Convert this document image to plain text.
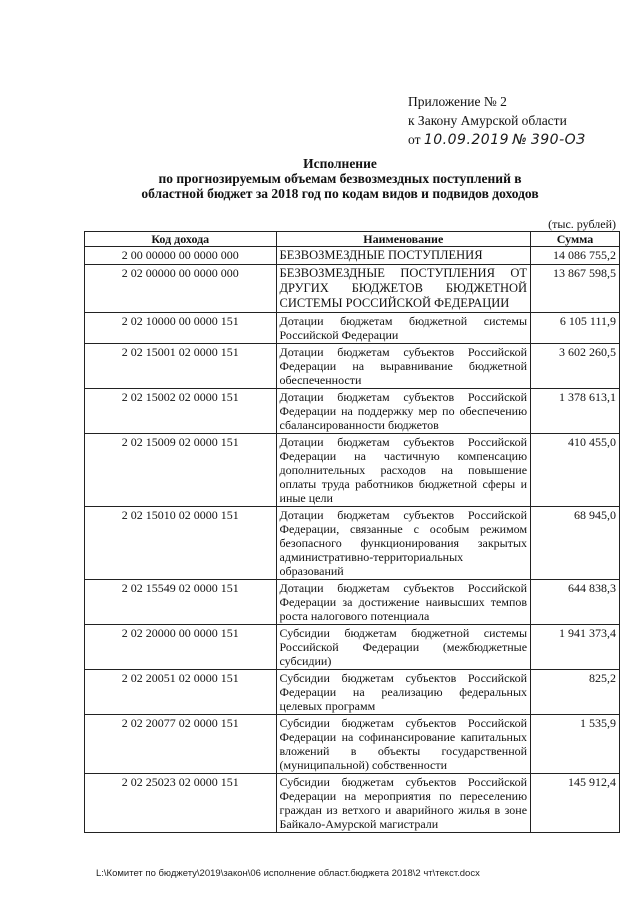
Приложение № 2
к Закону Амурской области
от 10.09.2019 № 390-ОЗ
Исполнение
по прогнозируемым объемам безвозмездных поступлений в
областной бюджет за 2018 год по кодам видов и подвидов доходов
(тыс. рублей)
Код дохода	Наименование	Сумма
2 00 00000 00 0000 000	БЕЗВОЗМЕЗДНЫЕ ПОСТУПЛЕНИЯ	14 086 755,2
2 02 00000 00 0000 000	БЕЗВОЗМЕЗДНЫЕ ПОСТУПЛЕНИЯ ОТ ДРУГИХ БЮДЖЕТОВ БЮДЖЕТНОЙ СИСТЕМЫ РОССИЙСКОЙ ФЕДЕРАЦИИ	13 867 598,5
2 02 10000 00 0000 151	Дотации бюджетам бюджетной системы Российской Федерации	6 105 111,9
2 02 15001 02 0000 151	Дотации бюджетам субъектов Российской Федерации на выравнивание бюджетной обеспеченности	3 602 260,5
2 02 15002 02 0000 151	Дотации бюджетам субъектов Российской Федерации на поддержку мер по обеспечению сбалансированности бюджетов	1 378 613,1
2 02 15009 02 0000 151	Дотации бюджетам субъектов Российской Федерации на частичную компенсацию дополнительных расходов на повышение оплаты труда работников бюджетной сферы и иные цели	410 455,0
2 02 15010 02 0000 151	Дотации бюджетам субъектов Российской Федерации, связанные с особым режимом безопасного функционирования закрытых административно-территориальных образований	68 945,0
2 02 15549 02 0000 151	Дотации бюджетам субъектов Российской Федерации за достижение наивысших темпов роста налогового потенциала	644 838,3
2 02 20000 00 0000 151	Субсидии бюджетам бюджетной системы Российской Федерации (межбюджетные субсидии)	1 941 373,4
2 02 20051 02 0000 151	Субсидии бюджетам субъектов Российской Федерации на реализацию федеральных целевых программ	825,2
2 02 20077 02 0000 151	Субсидии бюджетам субъектов Российской Федерации на софинансирование капитальных вложений в объекты государственной (муниципальной) собственности	1 535,9
2 02 25023 02 0000 151	Субсидии бюджетам субъектов Российской Федерации на мероприятия по переселению граждан из ветхого и аварийного жилья в зоне Байкало-Амурской магистрали	145 912,4
L:\Комитет по бюджету\2019\закон\06 исполнение област.бюджета 2018\2 чт\текст.docx
